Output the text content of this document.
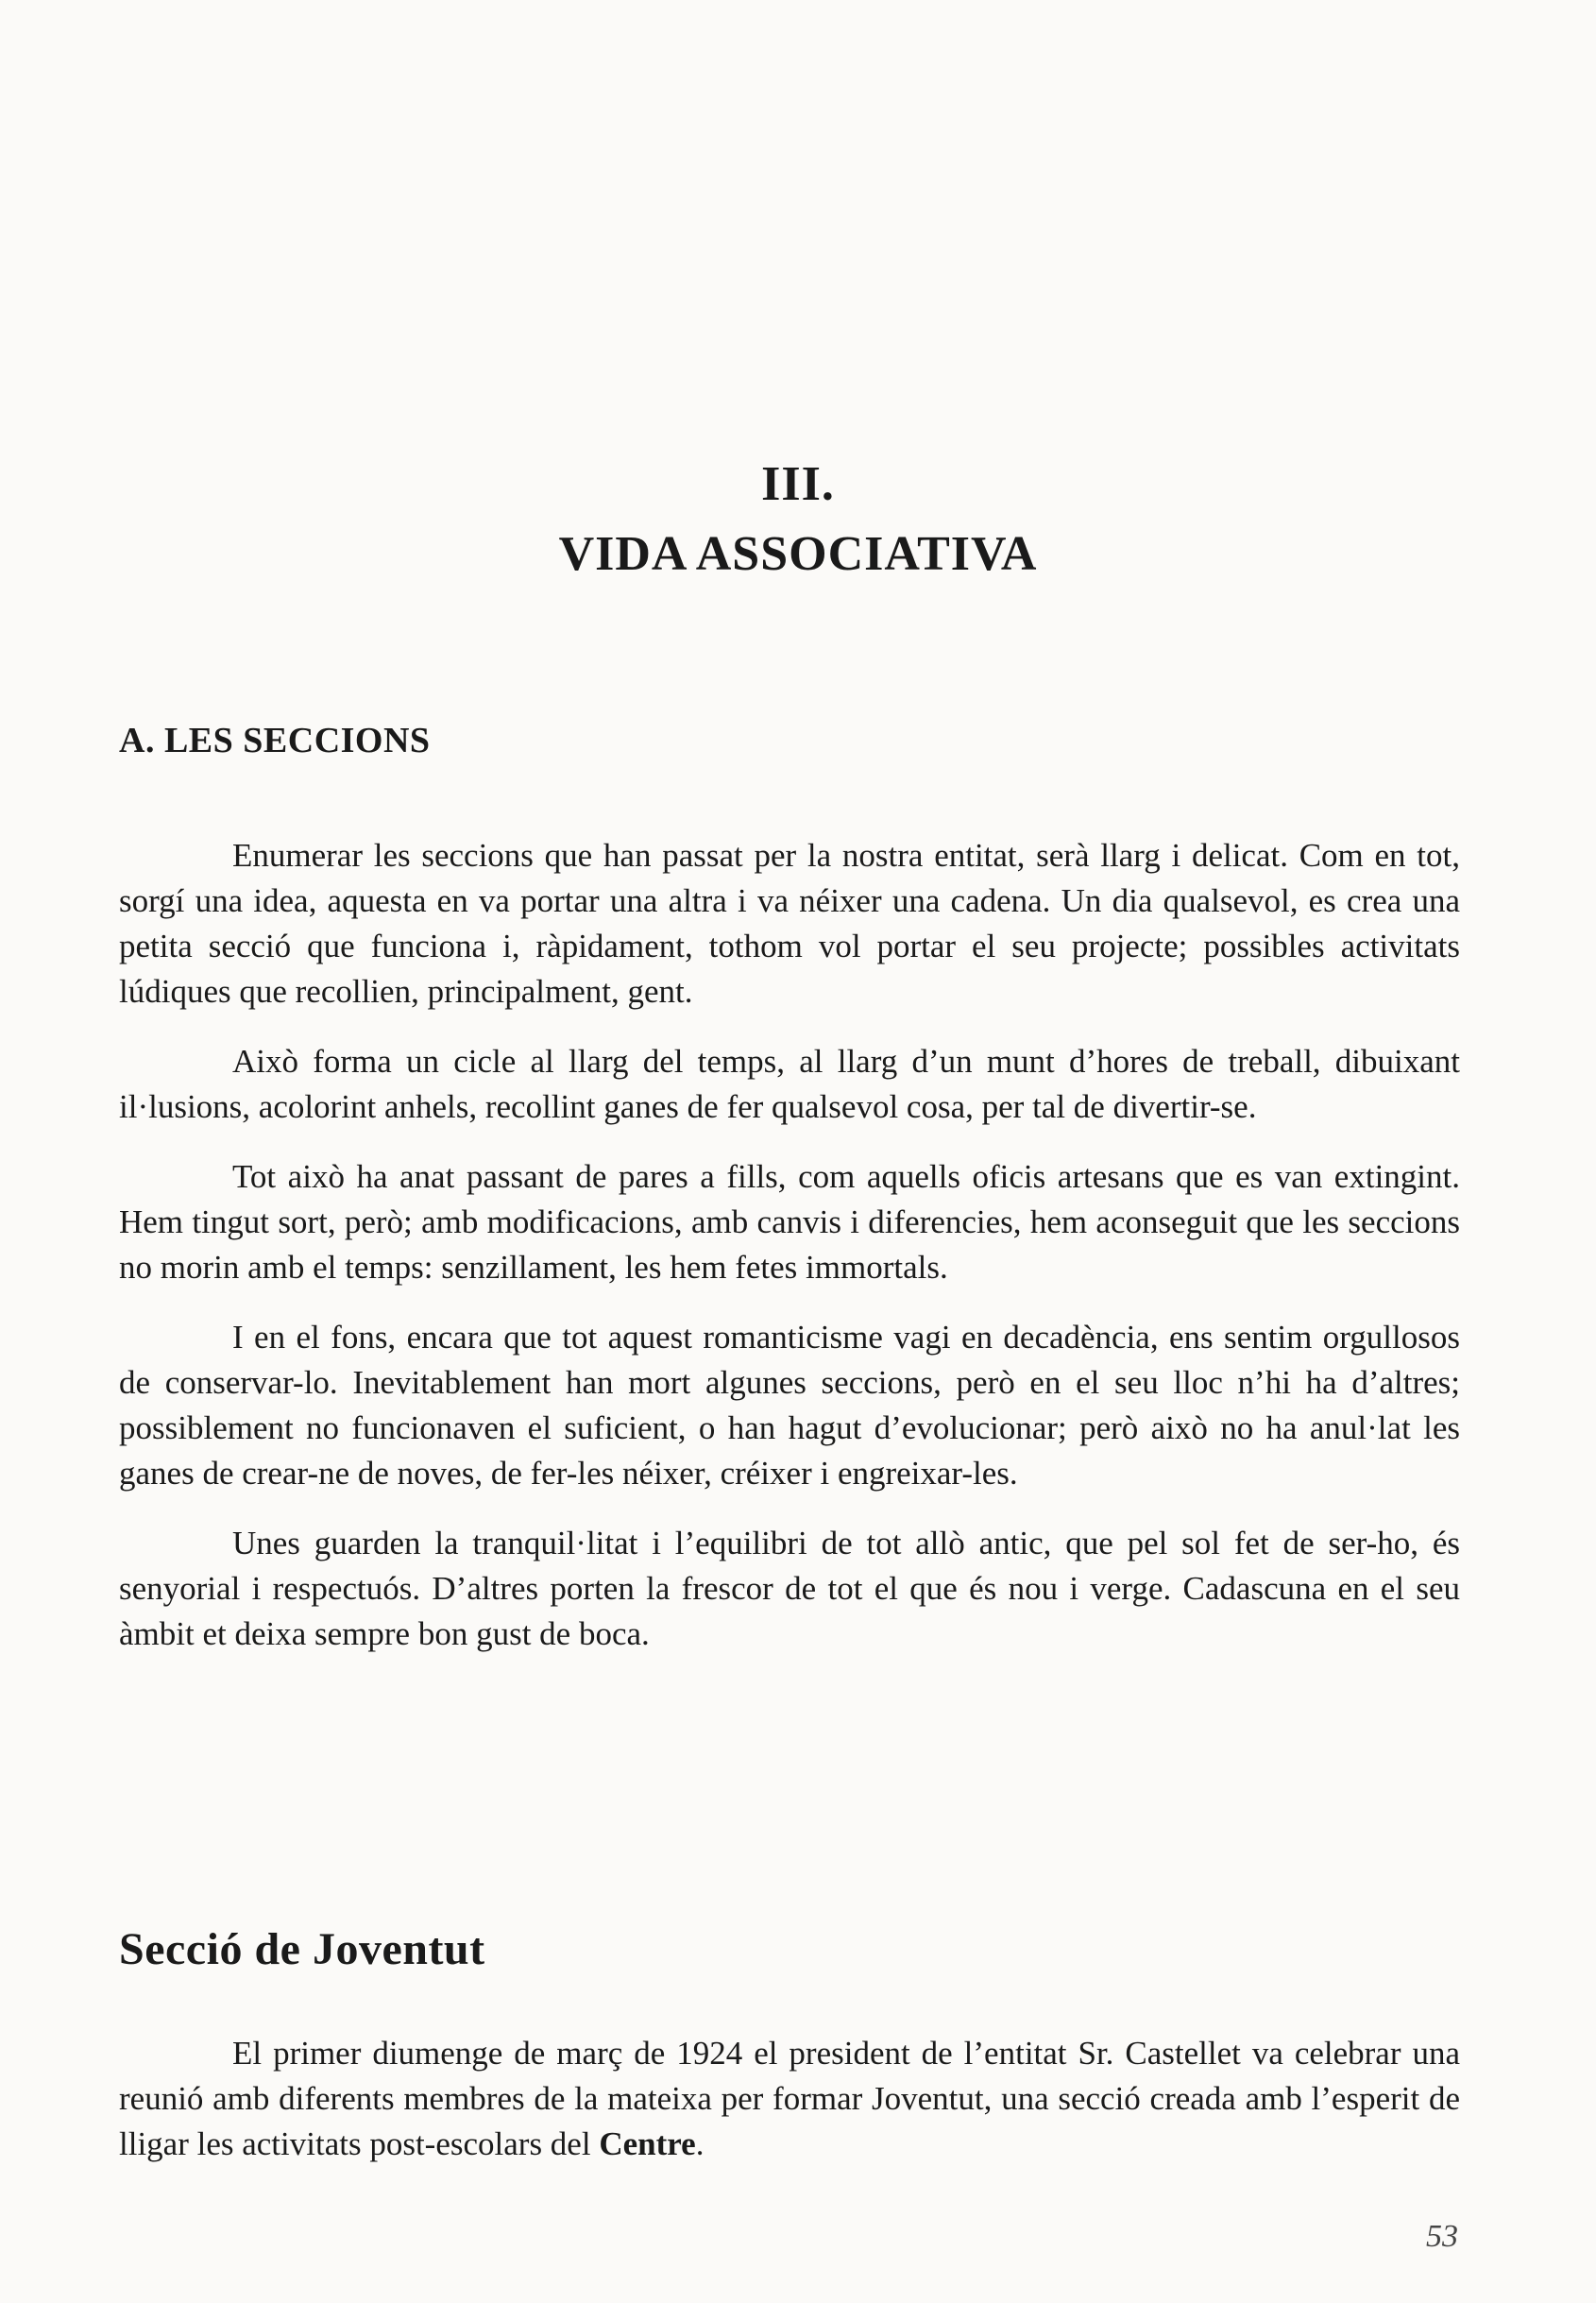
III.
VIDA ASSOCIATIVA
A. LES SECCIONS

Enumerar les seccions que han passat per la nostra entitat, serà llarg i delicat. Com en tot, sorgí una idea, aquesta en va portar una altra i va néixer una cadena. Un dia qualsevol, es crea una petita secció que funciona i, ràpidament, tothom vol portar el seu projecte; possibles activitats lúdiques que recollien, principalment, gent.

Això forma un cicle al llarg del temps, al llarg d’un munt d’hores de treball, dibuixant il·lusions, acolorint anhels, recollint ganes de fer qualsevol cosa, per tal de divertir-se.

Tot això ha anat passant de pares a fills, com aquells oficis artesans que es van extingint. Hem tingut sort, però; amb modificacions, amb canvis i diferencies, hem aconseguit que les seccions no morin amb el temps: senzillament, les hem fetes immortals.

I en el fons, encara que tot aquest romanticisme vagi en decadència, ens sentim orgullosos de conservar-lo. Inevitablement han mort algunes seccions, però en el seu lloc n’hi ha d’altres; possiblement no funcionaven el suficient, o han hagut d’evolucionar; però això no ha anul·lat les ganes de crear-ne de noves, de fer-les néixer, créixer i engreixar-les.

Unes guarden la tranquil·litat i l’equilibri de tot allò antic, que pel sol fet de ser-ho, és senyorial i respectuós. D’altres porten la frescor de tot el que és nou i verge. Cadascuna en el seu àmbit et deixa sempre bon gust de boca.

Secció de Joventut

El primer diumenge de març de 1924 el president de l’entitat Sr. Castellet va celebrar una reunió amb diferents membres de la mateixa per formar Joventut, una secció creada amb l’esperit de lligar les activitats post-escolars del Centre.

53
